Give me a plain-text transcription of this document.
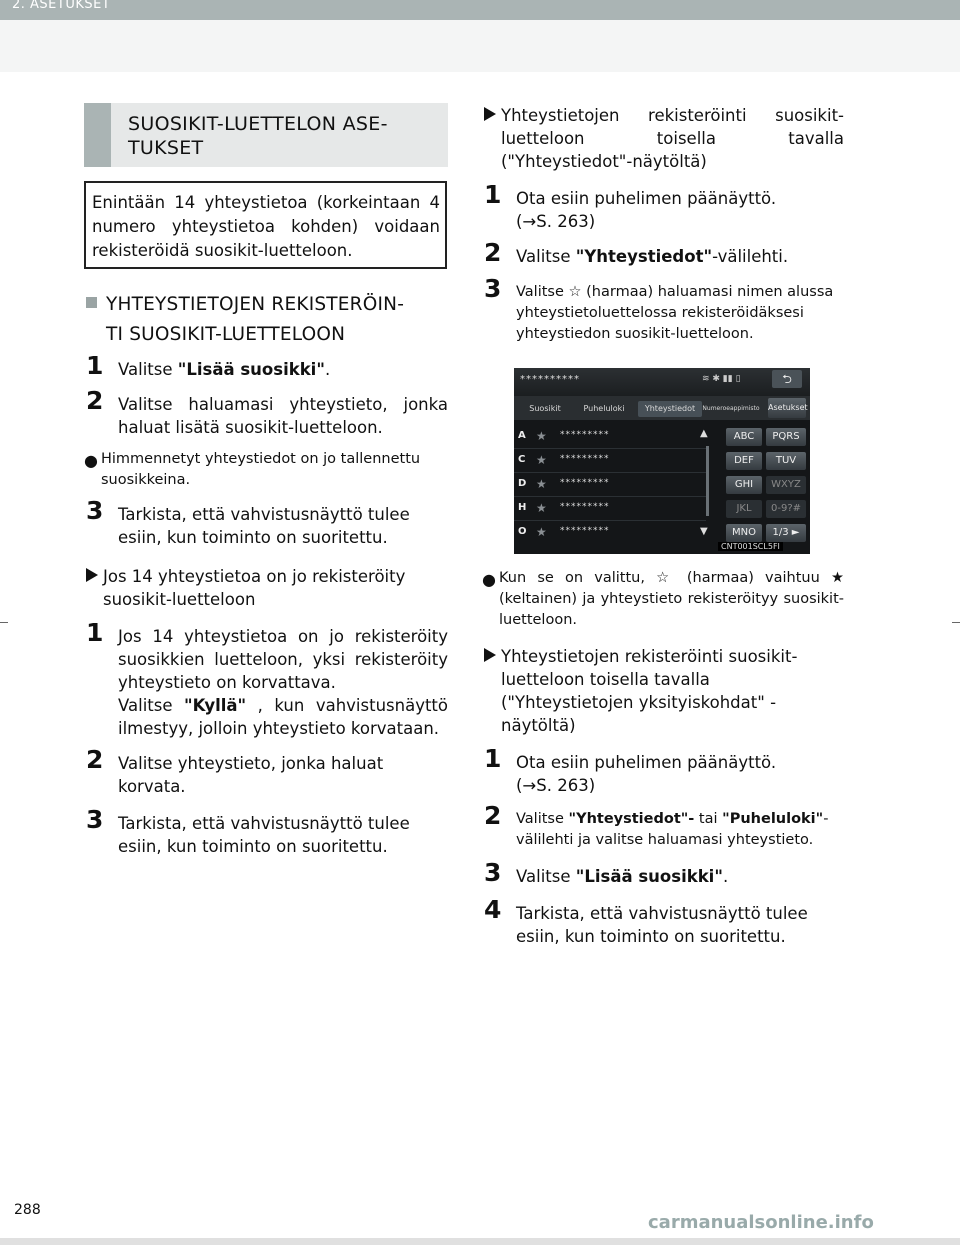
2. ASETUKSET
SUOSIKIT-LUETTELON ASE-
TUKSET
Enintään 14 yhteystietoa (korkeintaan 4 numero yhteystietoa kohden) voidaan rekisteröidä suosikit-luetteloon.
YHTEYSTIETOJEN REKISTERÖIN-
TI SUOSIKIT-LUETTELOON
1 Valitse "Lisää suosikki".
2 Valitse haluamasi yhteystieto, jonka haluat lisätä suosikit-luetteloon.
● Himmennetyt yhteystiedot on jo tallennettu suosikkeina.
3 Tarkista, että vahvistusnäyttö tulee esiin, kun toiminto on suoritettu.
Jos 14 yhteystietoa on jo rekisteröity suosikit-luetteloon
1 Jos 14 yhteystietoa on jo rekisteröity suosikkien luetteloon, yksi rekisteröity yhteystieto on korvattava.
Valitse "Kyllä" , kun vahvistusnäyttö ilmestyy, jolloin yhteystieto korvataan.
2 Valitse yhteystieto, jonka haluat korvata.
3 Tarkista, että vahvistusnäyttö tulee esiin, kun toiminto on suoritettu.
Yhteystietojen rekisteröinti suosikit-luetteloon toisella tavalla ("Yhteystiedot"-näytöltä)
1 Ota esiin puhelimen päänäyttö.
(→S. 263)
2 Valitse "Yhteystiedot"-välilehti.
3 Valitse ☆ (harmaa) haluamasi nimen alussa yhteystietoluettelossa rekisteröidäksesi yhteystiedon suosikit-luetteloon.
**********	≋ ✱ ▮▮ ▯	⮌
Suosikit	Puheluloki	Yhteystiedot	Numeroeappimisto Asetukset
A ★ *********
C ★ *********
D ★ *********
H ★ *********
O ★ *********
▲
▼
ABC	PQRS
DEF	TUV
GHI	WXYZ
JKL	0-9?#
MNO	1/3 ►
CNT001SCL5FI
● Kun se on valittu, ☆ (harmaa) vaihtuu ★ (keltainen) ja yhteystieto rekisteröityy suosikit-luetteloon.
Yhteystietojen rekisteröinti suosikit-luetteloon toisella tavalla ("Yhteystietojen yksityiskohdat" -näytöltä)
1 Ota esiin puhelimen päänäyttö.
(→S. 263)
2 Valitse "Yhteystiedot"- tai "Puheluloki"-välilehti ja valitse haluamasi yhteystieto.
3 Valitse "Lisää suosikki".
4 Tarkista, että vahvistusnäyttö tulee esiin, kun toiminto on suoritettu.
288
carmanualsonline.info
